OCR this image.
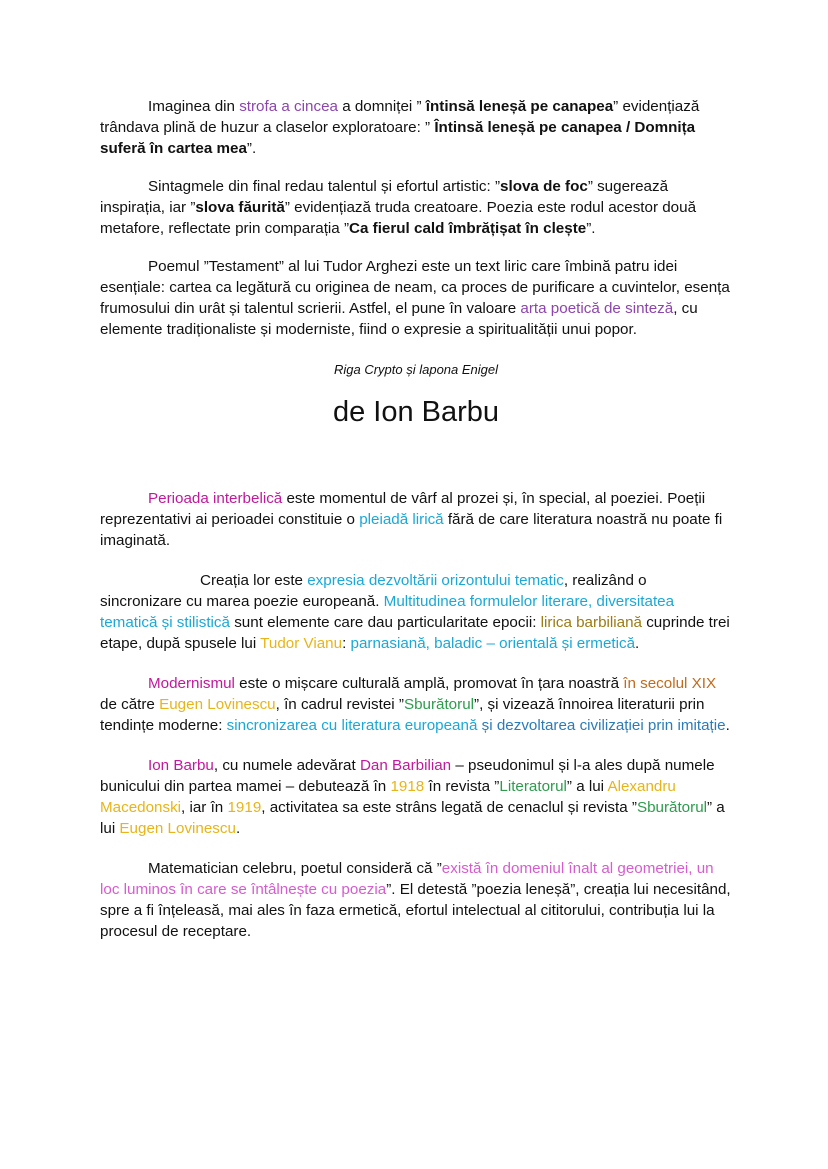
Imaginea din strofa a cincea a domniței ” întinsă leneșă pe canapea” evidențiază trândava plină de huzur a claselor exploratoare: ” Întinsă leneșă pe canapea / Domnița suferă în cartea mea”.

Sintagmele din final redau talentul și efortul artistic: ”slova de foc” sugerează inspirația, iar ”slova făurită” evidențiază truda creatoare. Poezia este rodul acestor două metafore, reflectate prin comparația ”Ca fierul cald îmbrățișat în clește”.

Poemul ”Testament” al lui Tudor Arghezi este un text liric care îmbină patru idei esențiale: cartea ca legătură cu originea de neam, ca proces de purificare a cuvintelor, esența frumosului din urât și talentul scrierii. Astfel, el pune în valoare arta poetică de sinteză, cu elemente tradiționaliste și moderniste, fiind o expresie a spiritualității unui popor.

Riga Crypto și lapona Enigel

de Ion Barbu

Perioada interbelică este momentul de vârf al prozei și, în special, al poeziei. Poeții reprezentativi ai perioadei constituie o pleiadă lirică fără de care literatura noastră nu poate fi imaginată.

Creația lor este expresia dezvoltării orizontului tematic, realizând o sincronizare cu marea poezie europeană. Multitudinea formulelor literare, diversitatea tematică și stilistică sunt elemente care dau particularitate epocii: lirica barbiliană cuprinde trei etape, după spusele lui Tudor Vianu: parnasiană, baladic – orientală și ermetică.

Modernismul este o mișcare culturală amplă, promovat în țara noastră în secolul XIX de către Eugen Lovinescu, în cadrul revistei ”Sburătorul”, și vizează înnoirea literaturii prin tendințe moderne: sincronizarea cu literatura europeană și dezvoltarea civilizației prin imitație.

Ion Barbu, cu numele adevărat Dan Barbilian – pseudonimul și l-a ales după numele bunicului din partea mamei – debutează în 1918 în revista ”Literatorul” a lui Alexandru Macedonski, iar în 1919, activitatea sa este strâns legată de cenaclul și revista ”Sburătorul” a lui Eugen Lovinescu.

Matematician celebru, poetul consideră că ”există în domeniul înalt al geometriei, un loc luminos în care se întâlnește cu poezia”. El detestă ”poezia leneșă”, creația lui necesitând, spre a fi înțeleasă, mai ales în faza ermetică, efortul intelectual al cititorului, contribuția lui la procesul de receptare.
